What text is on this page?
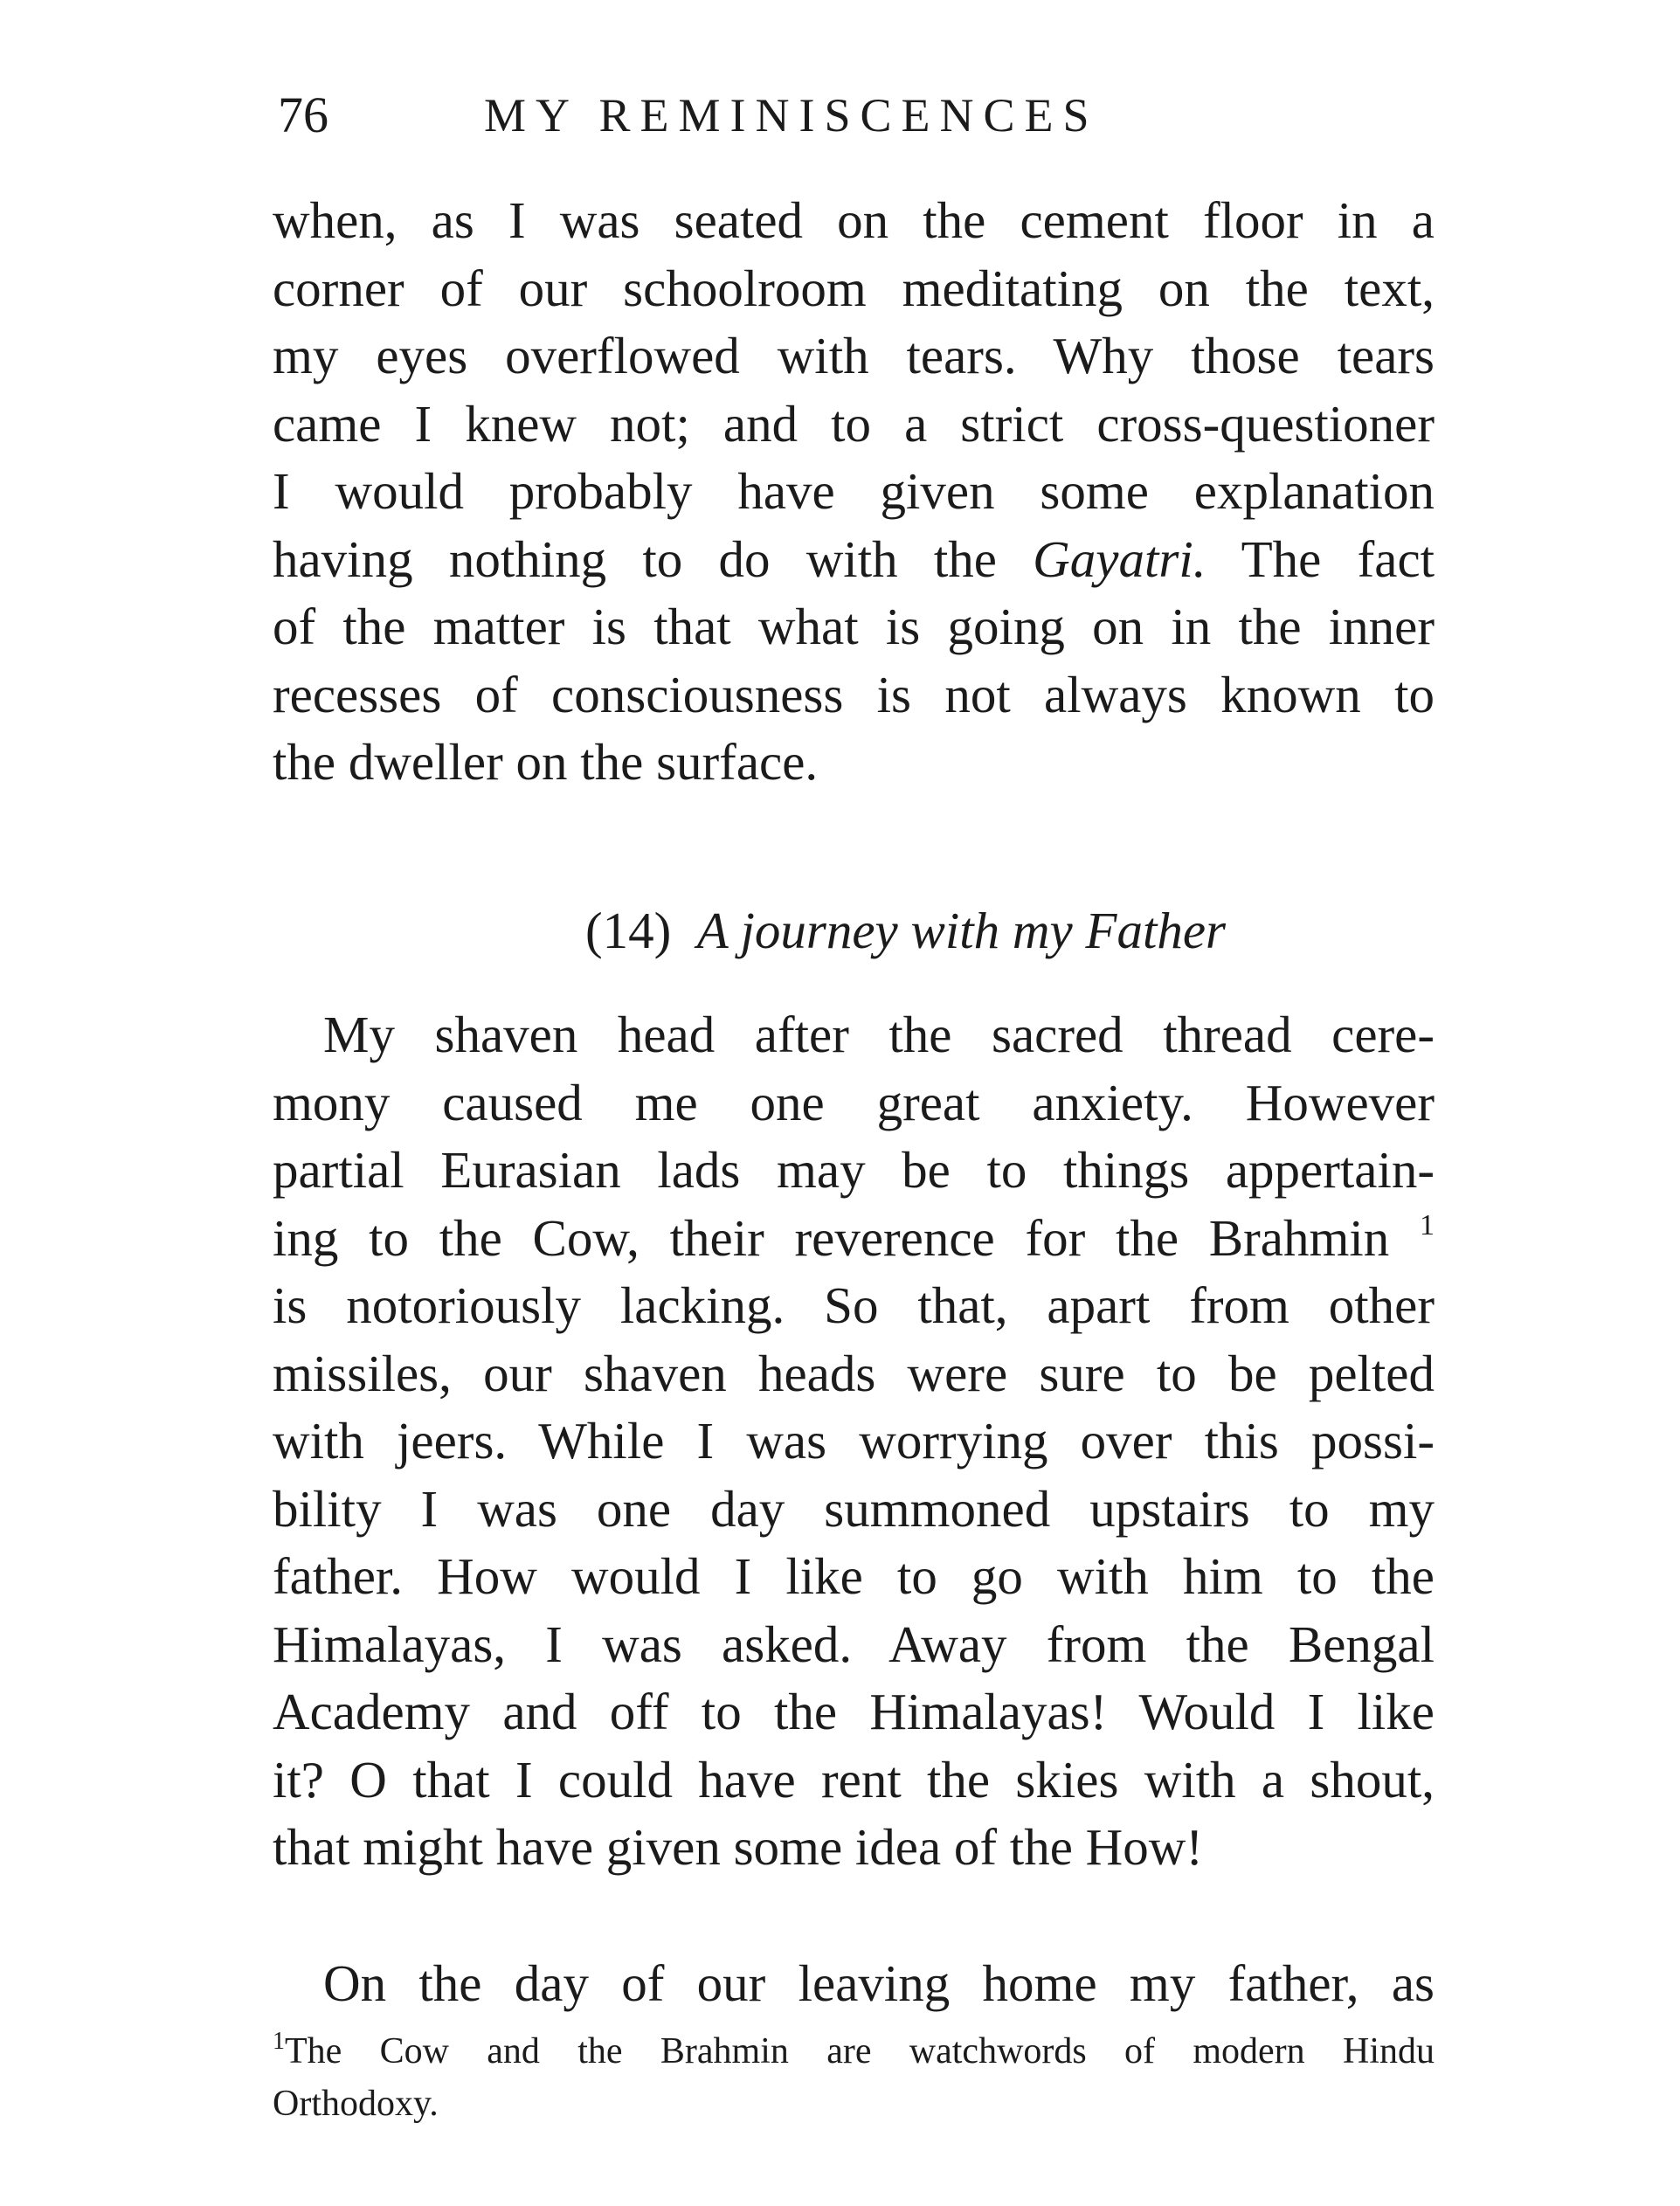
76	MY REMINISCENCES
when, as I was seated on the cement floor in a
corner of our schoolroom meditating on the text,
my eyes overflowed with tears. Why those tears
came I knew not; and to a strict cross-questioner
I would probably have given some explanation
having nothing to do with the Gayatri. The fact
of the matter is that what is going on in the inner
recesses of consciousness is not always known to
the dweller on the surface.
(14) A journey with my Father
My shaven head after the sacred thread cere-
mony caused me one great anxiety. However
partial Eurasian lads may be to things appertain-
ing to the Cow, their reverence for the Brahmin $^1$
is notoriously lacking. So that, apart from other
missiles, our shaven heads were sure to be pelted
with jeers. While I was worrying over this possi-
bility I was one day summoned upstairs to my
father. How would I like to go with him to the
Himalayas, I was asked. Away from the Bengal
Academy and off to the Himalayas! Would I like
it? O that I could have rent the skies with a shout,
that might have given some idea of the How!
On the day of our leaving home my father, as
$^1$The Cow and the Brahmin are watchwords of modern Hindu
Orthodoxy.
